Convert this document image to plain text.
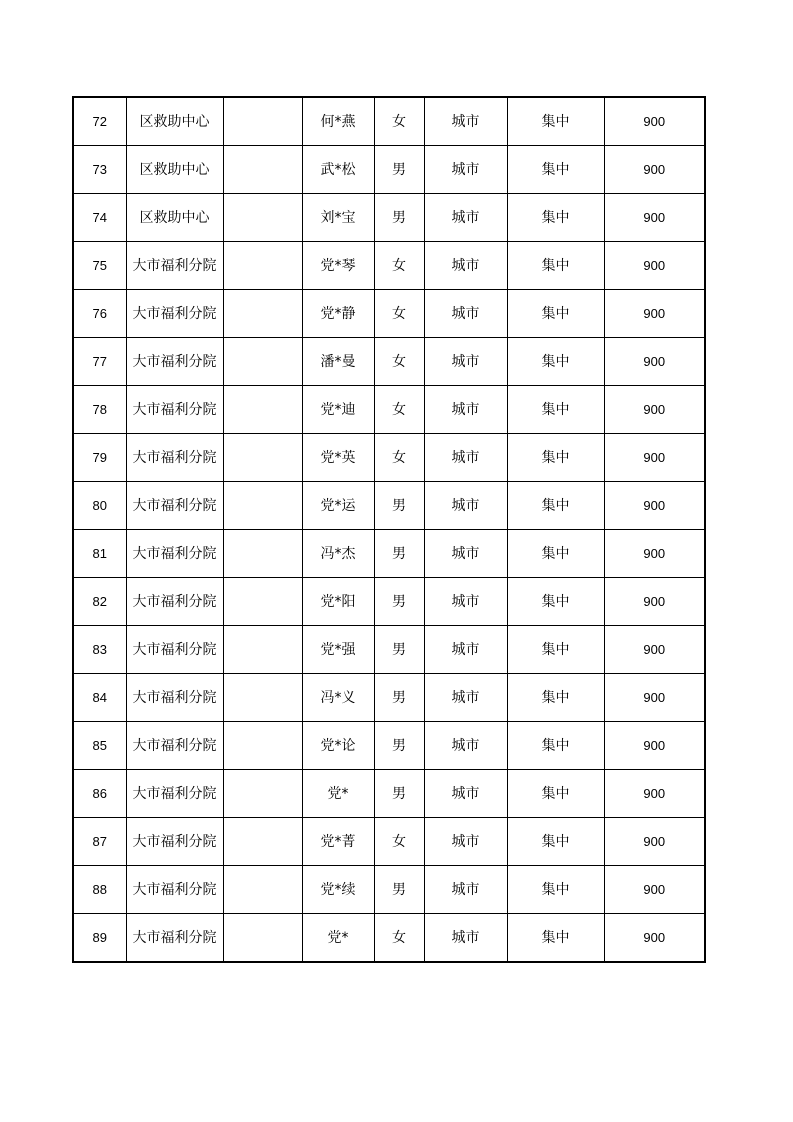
72	区救助中心		何*燕	女	城市	集中	900
73	区救助中心		武*松	男	城市	集中	900
74	区救助中心		刘*宝	男	城市	集中	900
75	大市福利分院		党*琴	女	城市	集中	900
76	大市福利分院		党*静	女	城市	集中	900
77	大市福利分院		潘*曼	女	城市	集中	900
78	大市福利分院		党*迪	女	城市	集中	900
79	大市福利分院		党*英	女	城市	集中	900
80	大市福利分院		党*运	男	城市	集中	900
81	大市福利分院		冯*杰	男	城市	集中	900
82	大市福利分院		党*阳	男	城市	集中	900
83	大市福利分院		党*强	男	城市	集中	900
84	大市福利分院		冯*义	男	城市	集中	900
85	大市福利分院		党*论	男	城市	集中	900
86	大市福利分院		党*	男	城市	集中	900
87	大市福利分院		党*菁	女	城市	集中	900
88	大市福利分院		党*续	男	城市	集中	900
89	大市福利分院		党*	女	城市	集中	900
